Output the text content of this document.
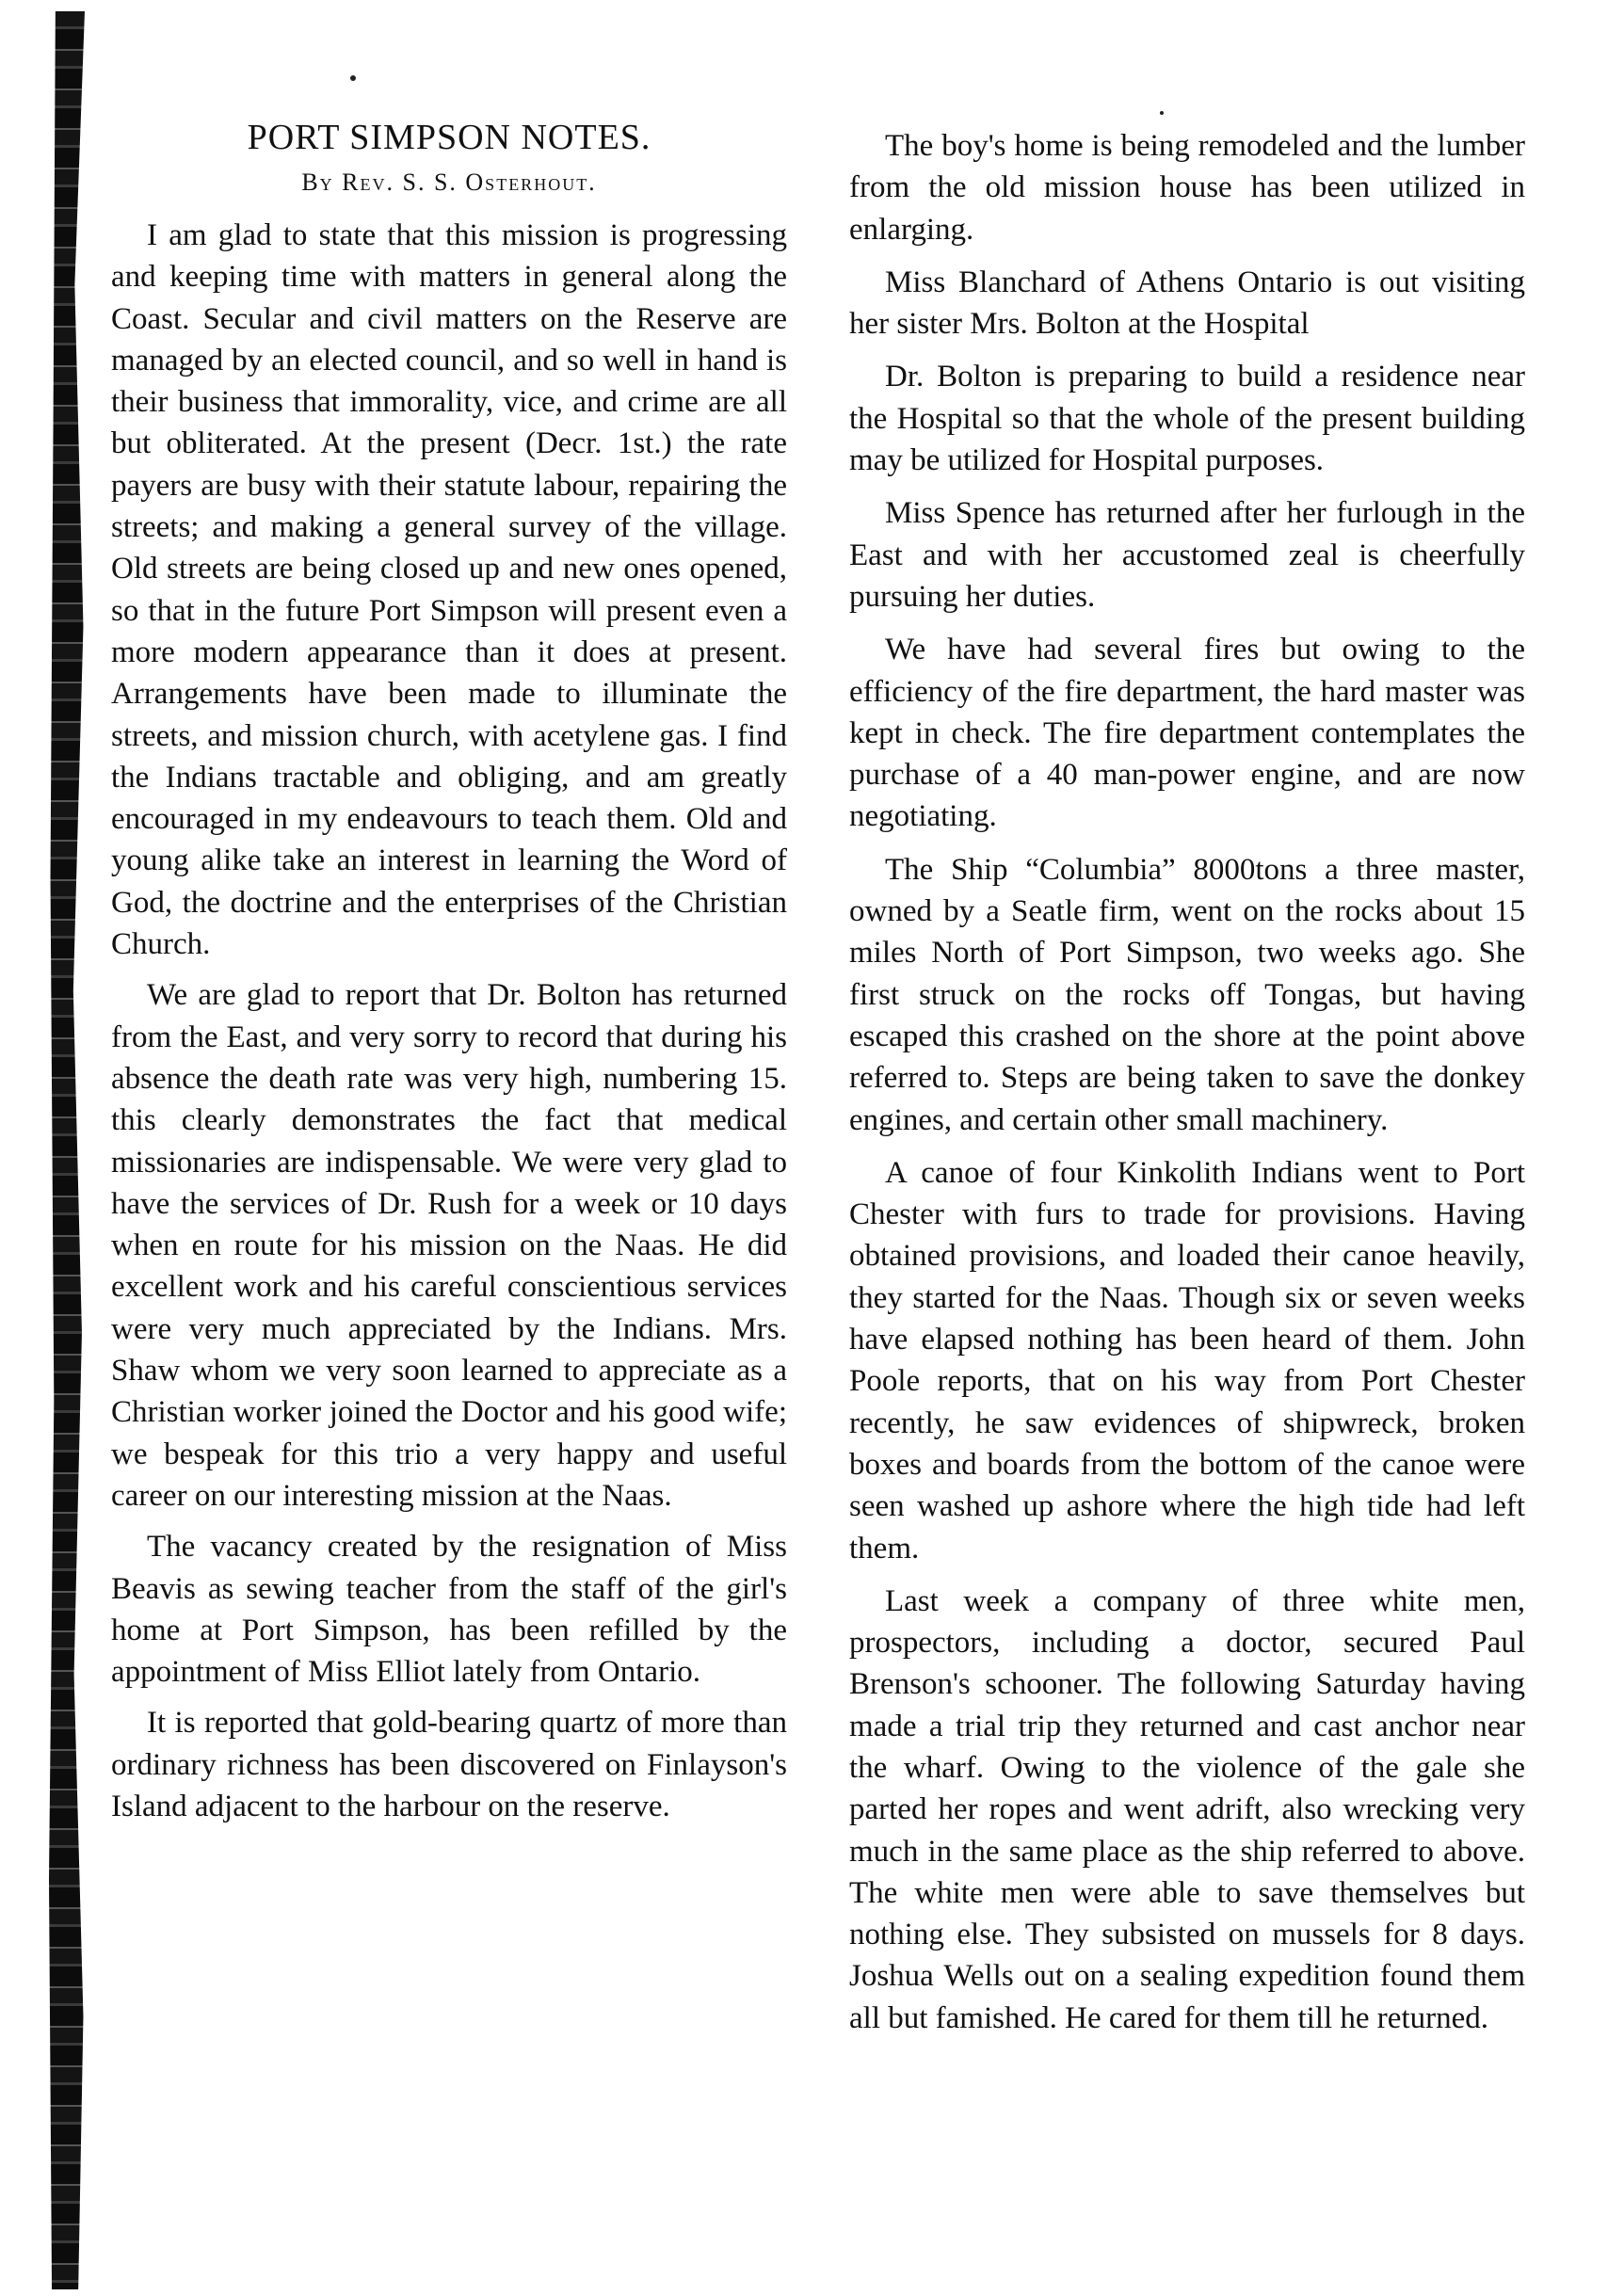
PORT SIMPSON NOTES.
By Rev. S. S. Osterhout.

I am glad to state that this mission is progressing and keeping time with matters in general along the Coast. Secular and civil matters on the Reserve are managed by an elected council, and so well in hand is their business that immorality, vice, and crime are all but obliterated. At the present (Decr. 1st.) the rate payers are busy with their statute labour, repairing the streets; and making a general survey of the village. Old streets are being closed up and new ones opened, so that in the future Port Simpson will present even a more modern appearance than it does at present. Arrangements have been made to illuminate the streets, and mission church, with acetylene gas. I find the Indians tractable and obliging, and am greatly encouraged in my endeavours to teach them. Old and young alike take an interest in learning the Word of God, the doctrine and the enterprises of the Christian Church.

We are glad to report that Dr. Bolton has returned from the East, and very sorry to record that during his absence the death rate was very high, numbering 15. this clearly demonstrates the fact that medical missionaries are indispensable. We were very glad to have the services of Dr. Rush for a week or 10 days when en route for his mission on the Naas. He did excellent work and his careful conscientious services were very much appreciated by the Indians. Mrs. Shaw whom we very soon learned to appreciate as a Christian worker joined the Doctor and his good wife; we bespeak for this trio a very happy and useful career on our interesting mission at the Naas.

The vacancy created by the resignation of Miss Beavis as sewing teacher from the staff of the girl's home at Port Simpson, has been refilled by the appointment of Miss Elliot lately from Ontario.

It is reported that gold-bearing quartz of more than ordinary richness has been discovered on Finlayson's Island adjacent to the harbour on the reserve.

The boy's home is being remodeled and the lumber from the old mission house has been utilized in enlarging.

Miss Blanchard of Athens Ontario is out visiting her sister Mrs. Bolton at the Hospital

Dr. Bolton is preparing to build a residence near the Hospital so that the whole of the present building may be utilized for Hospital purposes.

Miss Spence has returned after her furlough in the East and with her accustomed zeal is cheerfully pursuing her duties.

We have had several fires but owing to the efficiency of the fire department, the hard master was kept in check. The fire department contemplates the purchase of a 40 man-power engine, and are now negotiating.

The Ship “Columbia” 8000tons a three master, owned by a Seatle firm, went on the rocks about 15 miles North of Port Simpson, two weeks ago. She first struck on the rocks off Tongas, but having escaped this crashed on the shore at the point above referred to. Steps are being taken to save the donkey engines, and certain other small machinery.

A canoe of four Kinkolith Indians went to Port Chester with furs to trade for provisions. Having obtained provisions, and loaded their canoe heavily, they started for the Naas. Though six or seven weeks have elapsed nothing has been heard of them. John Poole reports, that on his way from Port Chester recently, he saw evidences of shipwreck, broken boxes and boards from the bottom of the canoe were seen washed up ashore where the high tide had left them.

Last week a company of three white men, prospectors, including a doctor, secured Paul Brenson's schooner. The following Saturday having made a trial trip they returned and cast anchor near the wharf. Owing to the violence of the gale she parted her ropes and went adrift, also wrecking very much in the same place as the ship referred to above. The white men were able to save themselves but nothing else. They subsisted on mussels for 8 days. Joshua Wells out on a sealing expedition found them all but famished. He cared for them till he returned.
